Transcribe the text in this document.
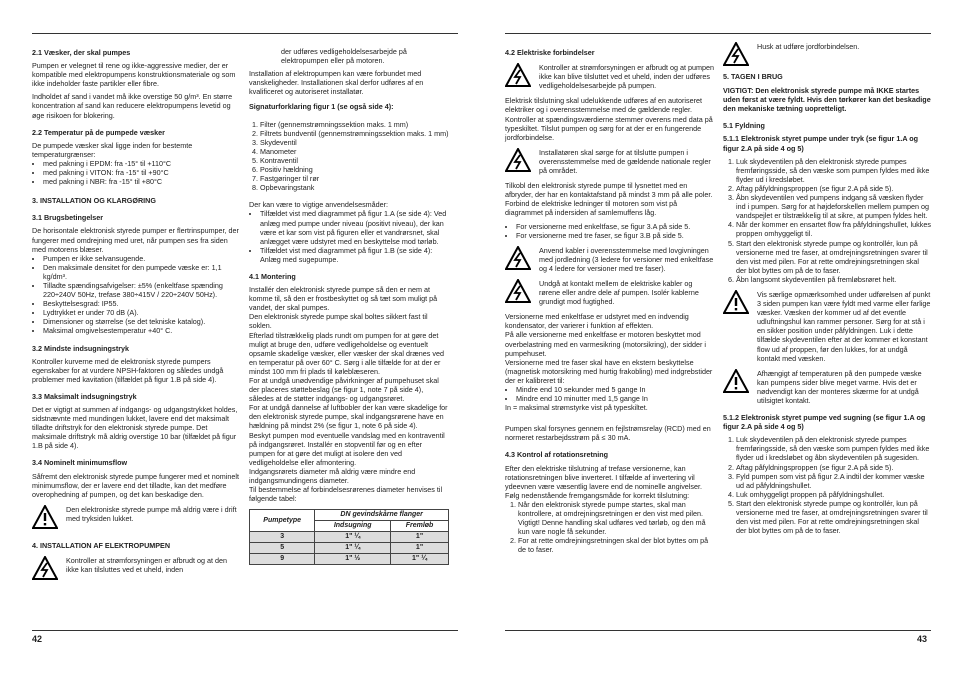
2.1 Væsker, der skal pumpes

Pumpen er velegnet til rene og ikke-aggressive medier, der er kompatible med elektropumpens konstruktionsmateriale og som ikke indeholder faste partikler eller fibre.

Indholdet af sand i vandet må ikke overstige 50 g/m³. En større koncentration af sand kan reducere elektropumpens levetid og øge risikoen for blokering.

2.2 Temperatur på de pumpede væsker

De pumpede væsker skal ligge inden for bestemte temperaturgrænser:

• med pakning i EPDM: fra -15° til +110°C
• med pakning i VITON: fra -15° til +90°C
• med pakning i NBR: fra -15° til +80°C
3. INSTALLATION OG KLARGØRING
3.1 Brugsbetingelser

De horisontale elektronisk styrede pumper er flertrinspumper, der fungerer med omdrejning med uret, når pumpen ses fra siden med motorens blæser.

• Pumpen er ikke selvansugende.
• Den maksimale densitet for den pumpede væske er: 1,1 kg/dm³.
• Tilladte spændingsafvigelser: ±5% (enkeltfase spænding 220÷240V 50Hz, trefase 380÷415V / 220÷240V 50Hz).
• Beskyttelsesgrad: IP55.
• Lydtrykket er under 70 dB (A).
• Dimensioner og størrelse (se det tekniske katalog).
• Maksimal omgivelsestemperatur +40° C.
3.2 Mindste indsugningstryk

Kontroller kurverne med de elektronisk styrede pumpers egenskaber for at vurdere NPSH-faktoren og således undgå problemer med kavitation (tilfældet på figur 1.B på side 4).

3.3 Maksimalt indsugningstryk

Det er vigtigt at summen af indgangs- og udgangstrykket holdes, sidstnævnte med mundingen lukket, lavere end det maksimalt tilladte driftstryk for den elektronisk styrede pumpe. Det maksimale driftstryk må aldrig overstige 10 bar (tilfældet på figur 1.B på side 4).

3.4 Nominelt minimumsflow

Såfremt den elektronisk styrede pumpe fungerer med et nominelt minimumsflow, der er lavere end det tilladte, kan det medføre overophedning af pumpen, og det kan beskadige den.

Den elektroniske styrede pumpe må aldrig være i drift med tryksiden lukket.
4. INSTALLATION AF ELEKTROPUMPEN
Kontroller at strømforsyningen er afbrudt og at den ikke kan tilsluttes ved et uheld, inden

der udføres vedligeholdelsesarbejde på elektropumpen eller på motoren.

Installation af elektropumpen kan være forbundet med vanskeligheder. Installationen skal derfor udføres af en kvalificeret og autoriseret installatør.

Signaturforklaring figur 1 (se også side 4):

1. Filter (gennemstrømningssektion maks. 1 mm)
2. Filtrets bundventil (gennemstrømningssektion maks. 1 mm)
3. Skydeventil
4. Manometer
5. Kontraventil
6. Positiv hældning
7. Fastgøringer til rør
8. Opbevaringstank

Der kan være to vigtige anvendelsesmåder:

• Tilfældet vist med diagrammet på figur 1.A (se side 4): Ved anlæg med pumpe under niveau (positivt niveau), der kan være et kar som vist på figuren eller et vandrørsnet, skal anlægget være udstyret med en beskyttelse mod tørløb.
• Tilfældet vist med diagrammet på figur 1.B (se side 4): Anlæg med sugepumpe.
4.1 Montering

Installér den elektronisk styrede pumpe så den er nem at komme til, så den er frostbeskyttet og så tæt som muligt på vandet, der skal pumpes.

Den elektronisk styrede pumpe skal boltes sikkert fast til soklen.

Efterlad tilstrækkelig plads rundt om pumpen for at gøre det muligt at bruge den, udføre vedligeholdelse og eventuelt opsamle skadelige væsker, eller væsker der skal drænes ved en temperatur på over 60° C. Sørg i alle tilfælde for at der er mindst 100 mm fri plads til køleblæseren.

For at undgå unødvendige påvirkninger af pumpehuset skal der placeres støttebeslag (se figur 1, note 7 på side 4), således at de støtter indgangs- og udgangsrøret.

For at undgå dannelse af luftbobler der kan være skadelige for den elektronisk styrede pumpe, skal indgangsrørene have en hældning på mindst 2% (se figur 1, note 6 på side 4).

Beskyt pumpen mod eventuelle vandslag med en kontraventil på indgangsrøret. Installér en stopventil før og en efter pumpen for at gøre det muligt at isolere den ved vedligeholdelse eller afmontering.

Indgangsrørets diameter må aldrig være mindre end indgangsmundingens diameter.

Til bestemmelse af forbindelsesrørenes diameter henvises til følgende tabel:

Pumpetype	DN gevindskårne flanger	
	Indsugning	Fremløb
3	1" ¼	1"
5	1" ¼	1"
9	1" ½	1" ¼
42
4.2 Elektriske forbindelser
Kontroller at strømforsyningen er afbrudt og at pumpen ikke kan blive tilsluttet ved et uheld, inden der udføres vedligeholdelsesarbejde på pumpen.

Elektrisk tilslutning skal udelukkende udføres af en autoriseret elektriker og i overensstemmelse med de gældende regler.

Kontroller at spændingsværdierne stemmer overens med data på typeskiltet. Tilslut pumpen og sørg for at der er en fungerende jordforbindelse.

Installatøren skal sørge for at tilslutte pumpen i overensstemmelse med de gældende nationale regler på området.

Tilkobl den elektronisk styrede pumpe til lysnettet med en afbryder, der har en kontaktafstand på mindst 3 mm på alle poler.

Forbind de elektriske ledninger til motoren som vist på diagrammet på indersiden af samlemuffens låg.

• For versionerne med enkeltfase, se figur 3.A på side 5.
• For versionerne med tre faser, se figur 3.B på side 5.
Anvend kabler i overensstemmelse med lovgivningen med jordledning (3 ledere for versioner med enkeltfase og 4 ledere for versioner med tre faser).
Undgå at kontakt mellem de elektriske kabler og rørene eller andre dele af pumpen. Isolér kablerne grundigt mod fugtighed.

Versionerne med enkeltfase er udstyret med en indvendig kondensator, der varierer i funktion af effekten.

På alle versionerne med enkeltfase er motoren beskyttet mod overbelastning med en varmesikring (motorsikring), der sidder i pumpehuset.

Versionerne med tre faser skal have en ekstern beskyttelse (magnetisk motorsikring med hurtig frakobling) med indgrebstider der er kalibreret til:

• Mindre end 10 sekunder med 5 gange In
• Mindre end 10 minutter med 1,5 gange In

In = maksimal strømstyrke vist på typeskiltet.

Pumpen skal forsynes gennem en fejlstrømsrelay (RCD) med en normeret restarbejdsstrøm på ≤ 30 mA.

4.3 Kontrol af rotationsretning

Efter den elektriske tilslutning af trefase versionerne, kan rotationsretningen blive inverteret. I tilfælde af invertering vil ydeevnen være væsentlig lavere end de nominelle angivelser. Følg nedenstående fremgangsmåde for korrekt tilslutning:

1. Når den elektronisk styrede pumpe startes, skal man kontrollere, at omdrejningsretningen er den vist med pilen. Vigtigt! Denne handling skal udføres ved tørløb, og den må kun vare nogle få sekunder.
2. For at rette omdrejningsretningen skal der blot byttes om på de to faser.
Husk at udføre jordforbindelsen.
5. TAGEN I BRUG

VIGTIGT: Den elektronisk styrede pumpe må IKKE startes uden først at være fyldt. Hvis den tørkører kan det beskadige den mekaniske tætning uopretteligt.

5.1 Fyldning
5.1.1 Elektronisk styret pumpe under tryk (se figur 1.A og figur 2.A på side 4 og 5)
1. Luk skydeventilen på den elektronisk styrede pumpes fremføringsside, så den væske som pumpen fyldes med ikke flyder ud i kredsløbet.
2. Aftag påfyldningsproppen (se figur 2.A på side 5).
3. Åbn skydeventilen ved pumpens indgang så væsken flyder ind i pumpen. Sørg for at højdeforskellen mellem pumpen og vandspejlet er tilstrækkelig til at sikre, at pumpen fyldes helt.
4. Når der kommer en ensartet flow fra påfyldningshullet, lukkes proppen omhyggeligt til.
5. Start den elektronisk styrede pumpe og kontrollér, kun på versionerne med tre faser, at omdrejningsretningen svarer til den vist med pilen. For at rette omdrejningsretningen skal der blot byttes om på de to faser.
6. Åbn langsomt skydeventilen på fremløbsrøret helt.
Vis særlige opmærksomhed under udførelsen af punkt 3 siden pumpen kan være fyldt med varme eller farlige væsker. Væsken der kommer ud af det eventle udluftningshul kan rammer personer. Sørg for at stå i en sikker position under påfyldningen. Luk i dette tilfælde skydeventilen efter at der kommer et konstant flow ud af proppen, før den lukkes, for at undgå kontakt med væsken.
Afhængigt af temperaturen på den pumpede væske kan pumpens sider blive meget varme. Hvis det er nødvendigt kan der monteres skærme for at undgå utilsigtet kontakt.
5.1.2 Elektronisk styret pumpe ved sugning (se figur 1.A og figur 2.A på side 4 og 5)
1. Luk skydeventilen på den elektronisk styrede pumpes fremføringsside, så den væske som pumpen fyldes med ikke flyder ud i kredsløbet og åbn skydeventilen på sugesiden.
2. Aftag påfyldningsproppen (se figur 2.A på side 5).
3. Fyld pumpen som vist på figur 2.A indtil der kommer væske ud ad påfyldningshullet.
4. Luk omhyggeligt proppen på påfyldningshullet.
5. Start den elektronisk styrede pumpe og kontrollér, kun på versionerne med tre faser, at omdrejningsretningen svarer til den vist med pilen. For at rette omdrejningsretningen skal der blot byttes om på de to faser.
43
